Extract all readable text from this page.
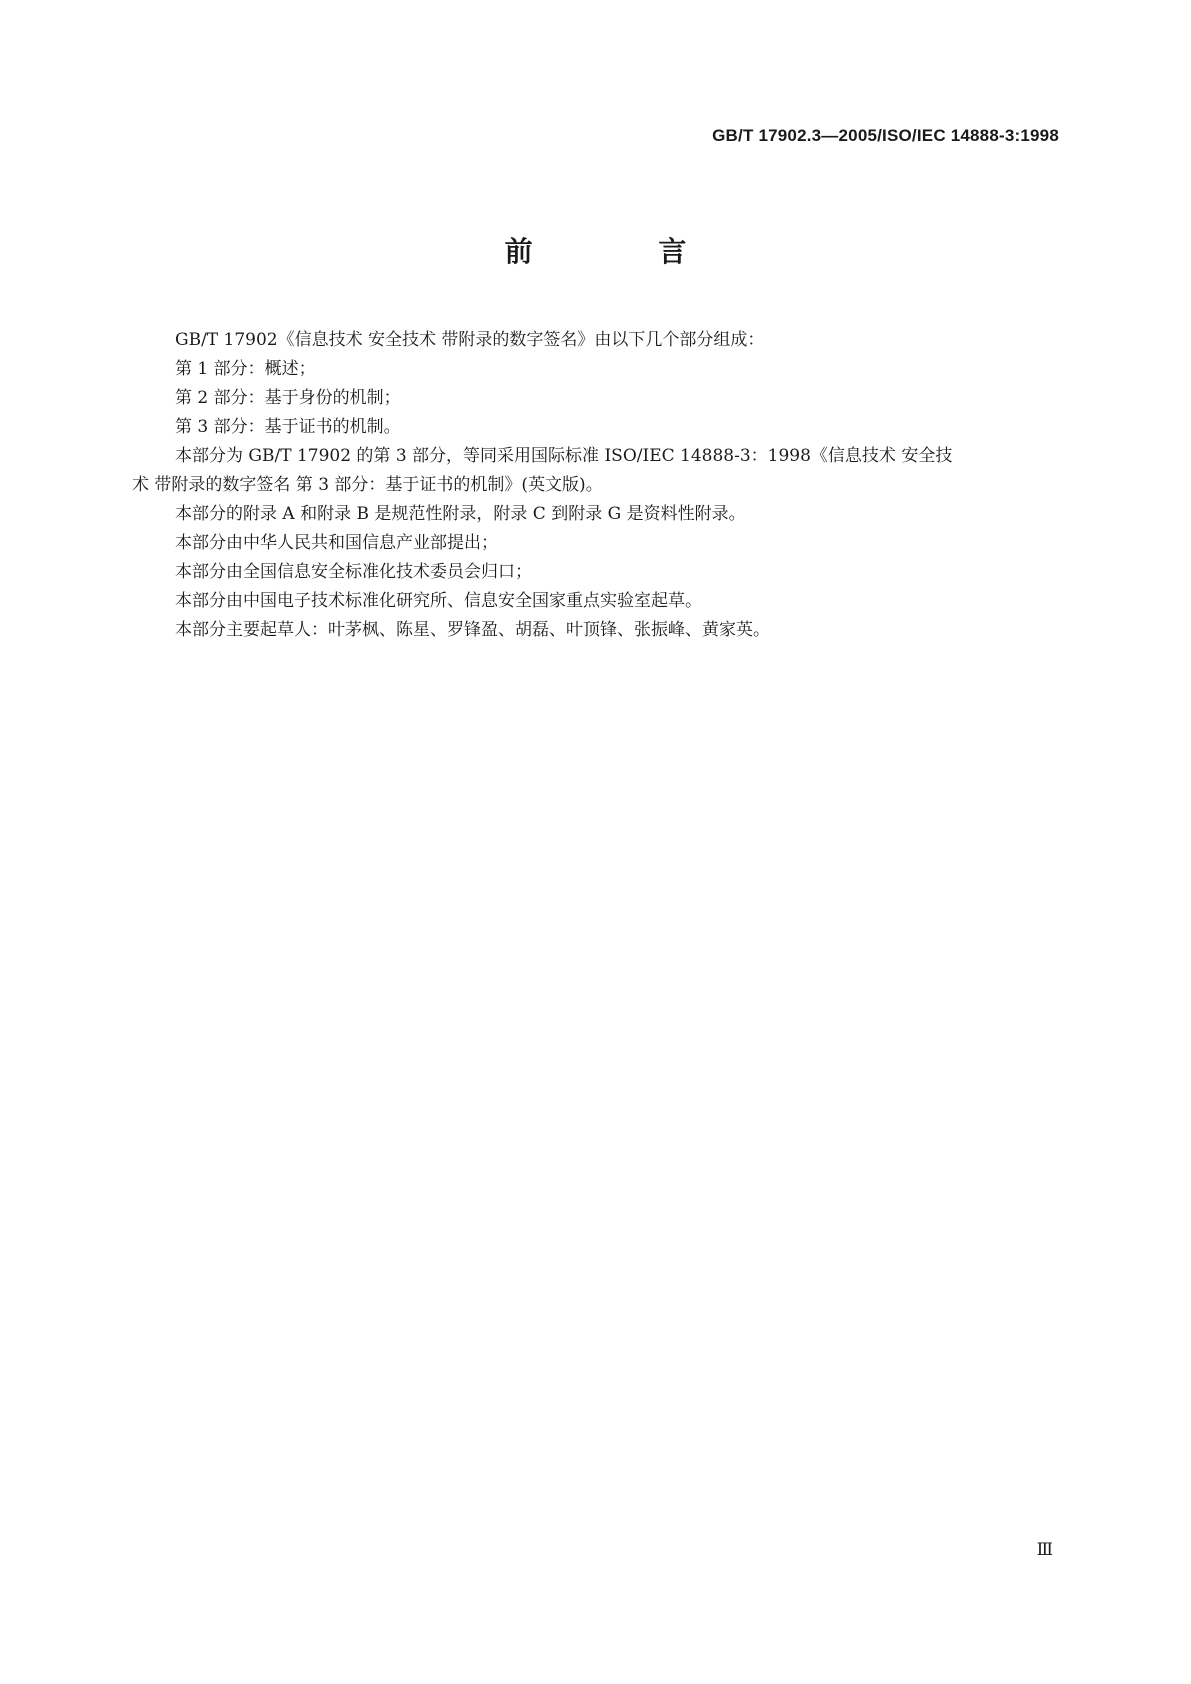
GB/T 17902.3—2005/ISO/IEC 14888-3:1998
前 言

GB/T 17902《信息技术 安全技术 带附录的数字签名》由以下几个部分组成：

第 1 部分：概述；

第 2 部分：基于身份的机制；

第 3 部分：基于证书的机制。

本部分为 GB/T 17902 的第 3 部分，等同采用国际标准 ISO/IEC 14888-3：1998《信息技术 安全技
术 带附录的数字签名 第 3 部分：基于证书的机制》(英文版)。

本部分的附录 A 和附录 B 是规范性附录，附录 C 到附录 G 是资料性附录。

本部分由中华人民共和国信息产业部提出；

本部分由全国信息安全标准化技术委员会归口；

本部分由中国电子技术标准化研究所、信息安全国家重点实验室起草。

本部分主要起草人：叶茅枫、陈星、罗锋盈、胡磊、叶顶锋、张振峰、黄家英。

Ⅲ
